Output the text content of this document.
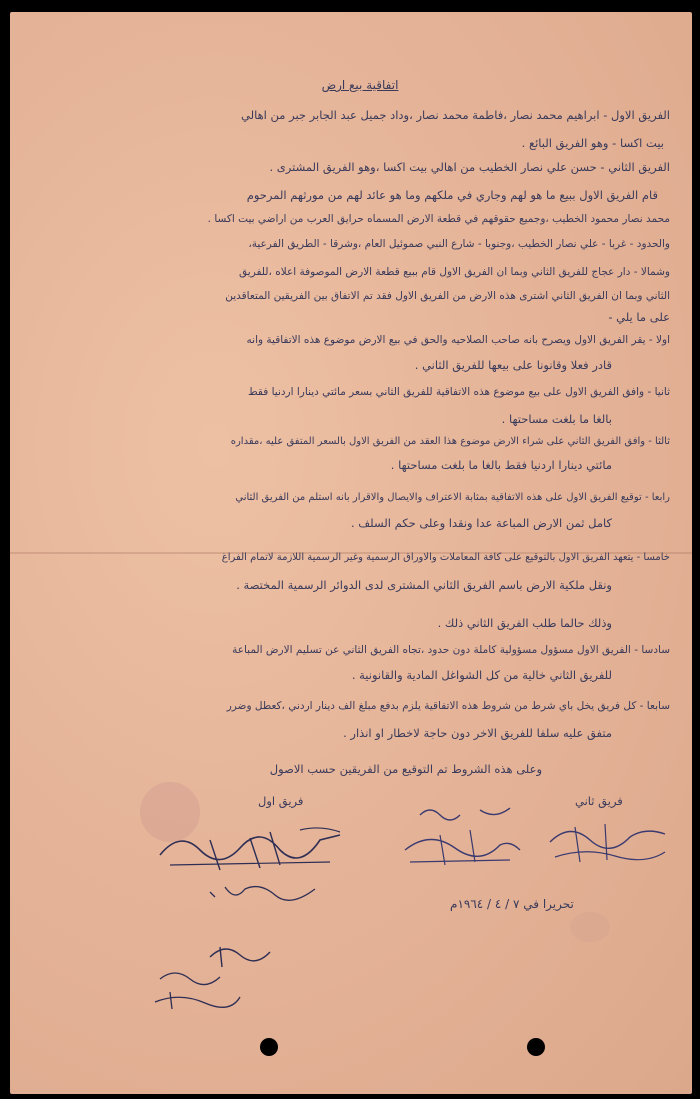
اتفاقية بيع ارض
الفريق الاول - ابراهيم محمد نصار ،فاطمة محمد نصار ،وداد جميل عبد الجابر جبر من اهالي
بيت اكسا - وهو الفريق البائع .
الفريق الثاني - حسن علي نصار الخطيب من اهالي بيت اكسا ،وهو الفريق المشترى .
قام الفريق الاول ببيع ما هو لهم وجاري في ملكهم وما هو عائد لهم من مورثهم المرحوم
محمد نصار محمود الخطيب ،وجميع حقوقهم في قطعة الارض المسماه حرايق العرب من اراضي بيت اكسا .
والحدود - غربا - علي نصار الخطيب ،وجنوبا - شارع النبي صموئيل العام ،وشرقا - الطريق الفرعية،
وشمالا - دار عجاج للفريق الثاني وبما ان الفريق الاول قام ببيع قطعة الارض الموصوفة اعلاه ،للفريق
الثاني وبما ان الفريق الثاني اشترى هذه الارض من الفريق الاول فقد تم الاتفاق بين الفريقين المتعاقدين
على ما يلي -
اولا - يقر الفريق الاول ويصرح بانه صاحب الصلاحيه والحق في بيع الارض موضوع هذه الاتفاقية وانه
قادر فعلا وقانونا على بيعها للفريق الثاني .
ثانيا - وافق الفريق الاول على بيع موضوع هذه الاتفاقية للفريق الثاني بسعر مائتي دينارا اردنيا فقط
بالغا ما بلغت مساحتها .
ثالثا - وافق الفريق الثاني على شراء الارض موضوع هذا العقد من الفريق الاول بالسعر المتفق عليه ،مقداره
مائتي دينارا اردنيا فقط بالغا ما بلغت مساحتها .
رابعا - توقيع الفريق الاول على هذه الاتفاقية بمثابة الاعتراف والايصال والاقرار بانه استلم من الفريق الثاني
كامل ثمن الارض المباعة عدا ونقدا وعلى حكم السلف .
خامسا - يتعهد الفريق الاول بالتوقيع على كافة المعاملات والاوراق الرسمية وغير الرسمية اللازمة لاتمام الفراغ
ونقل ملكية الارض باسم الفريق الثاني المشترى لدى الدوائر الرسمية المختصة .
وذلك حالما طلب الفريق الثاني ذلك .
سادسا - الفريق الاول مسؤول مسؤولية كاملة دون حدود ،تجاه الفريق الثاني عن تسليم الارض المباعة
للفريق الثاني خالية من كل الشواغل المادية والقانونية .
سابعا - كل فريق يخل باي شرط من شروط هذه الاتفاقية يلزم بدفع مبلغ الف دينار اردني ،كعطل وضرر
متفق عليه سلفا للفريق الاخر دون حاجة لاخطار او انذار .
وعلى هذه الشروط تم التوقيع من الفريقين حسب الاصول
فريق اول	فريق ثاني
تحريرا في ٧ / ٤ / ١٩٦٤م
